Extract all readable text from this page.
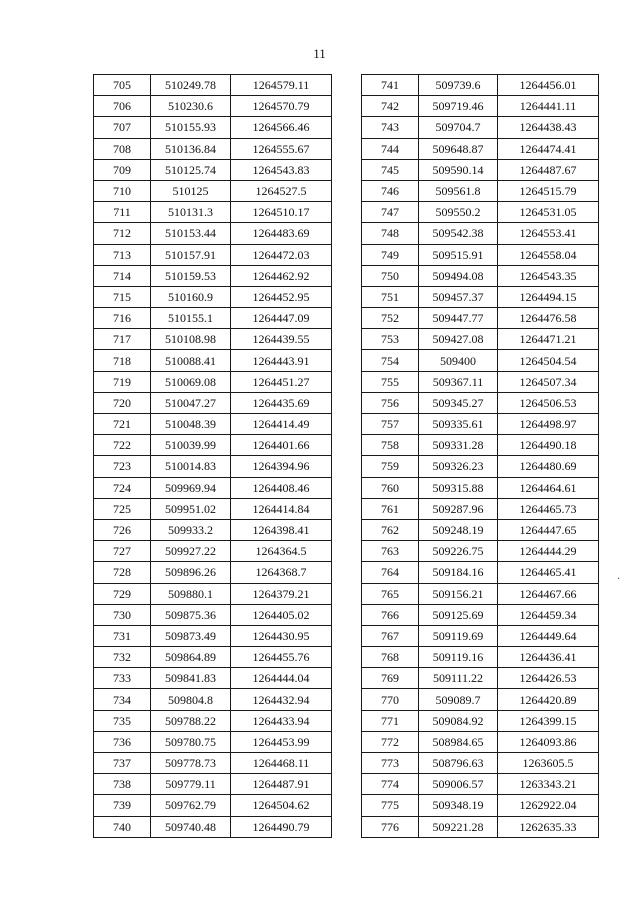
11
705	510249.78	1264579.11
706	510230.6	1264570.79
707	510155.93	1264566.46
708	510136.84	1264555.67
709	510125.74	1264543.83
710	510125	1264527.5
711	510131.3	1264510.17
712	510153.44	1264483.69
713	510157.91	1264472.03
714	510159.53	1264462.92
715	510160.9	1264452.95
716	510155.1	1264447.09
717	510108.98	1264439.55
718	510088.41	1264443.91
719	510069.08	1264451.27
720	510047.27	1264435.69
721	510048.39	1264414.49
722	510039.99	1264401.66
723	510014.83	1264394.96
724	509969.94	1264408.46
725	509951.02	1264414.84
726	509933.2	1264398.41
727	509927.22	1264364.5
728	509896.26	1264368.7
729	509880.1	1264379.21
730	509875.36	1264405.02
731	509873.49	1264430.95
732	509864.89	1264455.76
733	509841.83	1264444.04
734	509804.8	1264432.94
735	509788.22	1264433.94
736	509780.75	1264453.99
737	509778.73	1264468.11
738	509779.11	1264487.91
739	509762.79	1264504.62
740	509740.48	1264490.79
741	509739.6	1264456.01
742	509719.46	1264441.11
743	509704.7	1264438.43
744	509648.87	1264474.41
745	509590.14	1264487.67
746	509561.8	1264515.79
747	509550.2	1264531.05
748	509542.38	1264553.41
749	509515.91	1264558.04
750	509494.08	1264543.35
751	509457.37	1264494.15
752	509447.77	1264476.58
753	509427.08	1264471.21
754	509400	1264504.54
755	509367.11	1264507.34
756	509345.27	1264506.53
757	509335.61	1264498.97
758	509331.28	1264490.18
759	509326.23	1264480.69
760	509315.88	1264464.61
761	509287.96	1264465.73
762	509248.19	1264447.65
763	509226.75	1264444.29
764	509184.16	1264465.41
765	509156.21	1264467.66
766	509125.69	1264459.34
767	509119.69	1264449.64
768	509119.16	1264436.41
769	509111.22	1264426.53
770	509089.7	1264420.89
771	509084.92	1264399.15
772	508984.65	1264093.86
773	508796.63	1263605.5
774	509006.57	1263343.21
775	509348.19	1262922.04
776	509221.28	1262635.33
·
